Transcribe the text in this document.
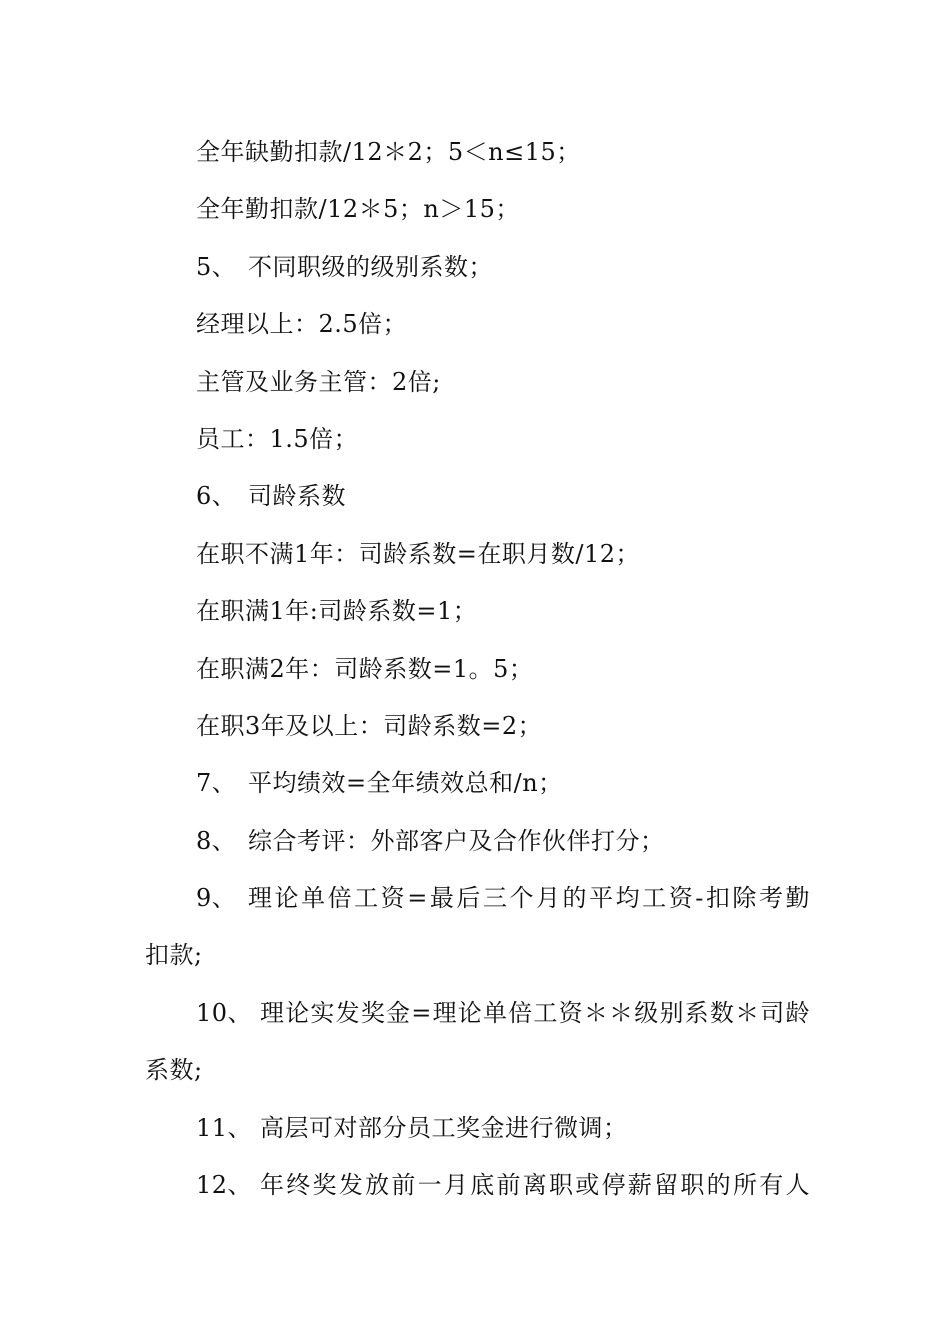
全年缺勤扣款/12＊2；5＜n≤15；
全年勤扣款/12＊5；n＞15；
5、 不同职级的级别系数；
经理以上：2.5倍；
主管及业务主管：2倍;
员工：1.5倍；
6、 司龄系数
在职不满1年：司龄系数=在职月数/12；
在职满1年:司龄系数=1；
在职满2年：司龄系数=1。5；
在职3年及以上：司龄系数=2；
7、 平均绩效=全年绩效总和/n；
8、 综合考评：外部客户及合作伙伴打分；
9、 理论单倍工资=最后三个月的平均工资-扣除考勤
扣款;
10、 理论实发奖金=理论单倍工资＊＊级别系数＊司龄
系数;
11、 高层可对部分员工奖金进行微调；
12、 年终奖发放前一月底前离职或停薪留职的所有人
